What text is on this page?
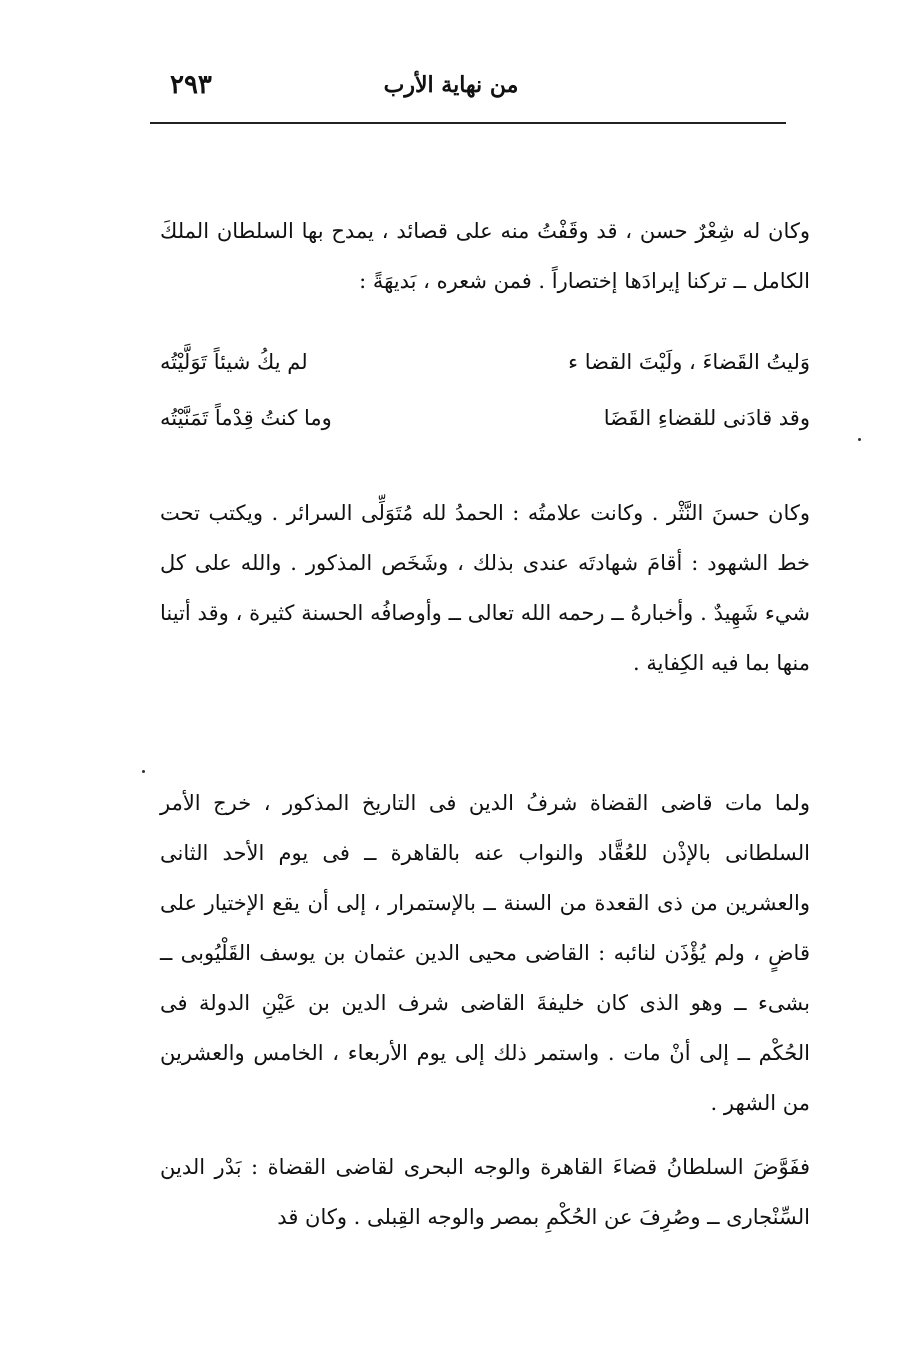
٢٩٣	من نهاية الأرب

وكان له شِعْرٌ حسن ، قد وقَفْتُ منه على قصائد ، يمدح بها السلطان الملكَ الكامل ــ تركنا إيرادَها إختصاراً . فمن شعره ، بَديهَةً :

وَليتُ القَضاءَ ، ولَيْتَ القضا ء
لم يكُ شيئاً تَوَلَّيْتُه
وقد قادَنى للقضاءِ القَضَا
وما كنتُ قِدْماً تَمَنَّيْتُه

وكان حسنَ النَّثْر . وكانت علامتُه : الحمدُ لله مُتَوَلِّى السرائر . ويكتب تحت خط الشهود : أقامَ شهادتَه عندى بذلك ، وشَخَص المذكور . والله على كل شيء شَهِيدٌ . وأخبارهُ ــ رحمه الله تعالى ــ وأوصافُه الحسنة كثيرة ، وقد أتينا منها بما فيه الكِفاية .

ولما مات قاضى القضاة شرفُ الدين فى التاريخ المذكور ، خرج الأمر السلطانى بالإذْن للعُقَّاد والنواب عنه بالقاهرة ــ فى يوم الأحد الثانى والعشرين من ذى القعدة من السنة ــ بالإستمرار ، إلى أن يقع الإختيار على قاضٍ ، ولم يُؤْذَن لنائبه : القاضى محيى الدين عثمان بن يوسف القَلْيُوبى ــ بشىء ــ وهو الذى كان خليفةَ القاضى شرف الدين بن عَيْنِ الدولة فى الحُكْم ــ إلى أنْ مات . واستمر ذلك إلى يوم الأربعاء ، الخامس والعشرين من الشهر .

ففَوَّضَ السلطانُ قضاءَ القاهرة والوجه البحرى لقاضى القضاة : بَدْر الدين السِّنْجارى ــ وصُرِفَ عن الحُكْمِ بمصر والوجه القِبلى . وكان قد
